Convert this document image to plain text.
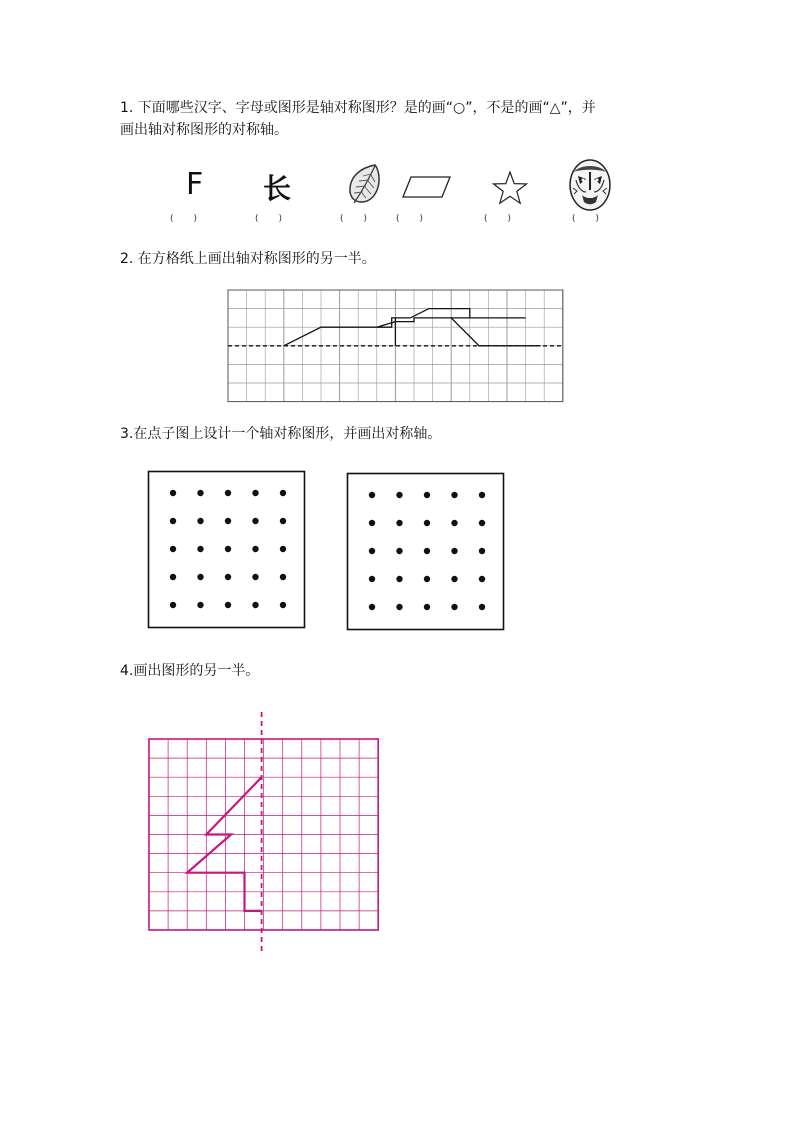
1. 下面哪些汉字、字母或图形是轴对称图形？是的画“○”，不是的画“△”，并
画出轴对称图形的对称轴。
F 长
(       )	(       )	(       )	(       )	(       )	(       )
2. 在方格纸上画出轴对称图形的另一半。
3.在点子图上设计一个轴对称图形，并画出对称轴。
4.画出图形的另一半。
